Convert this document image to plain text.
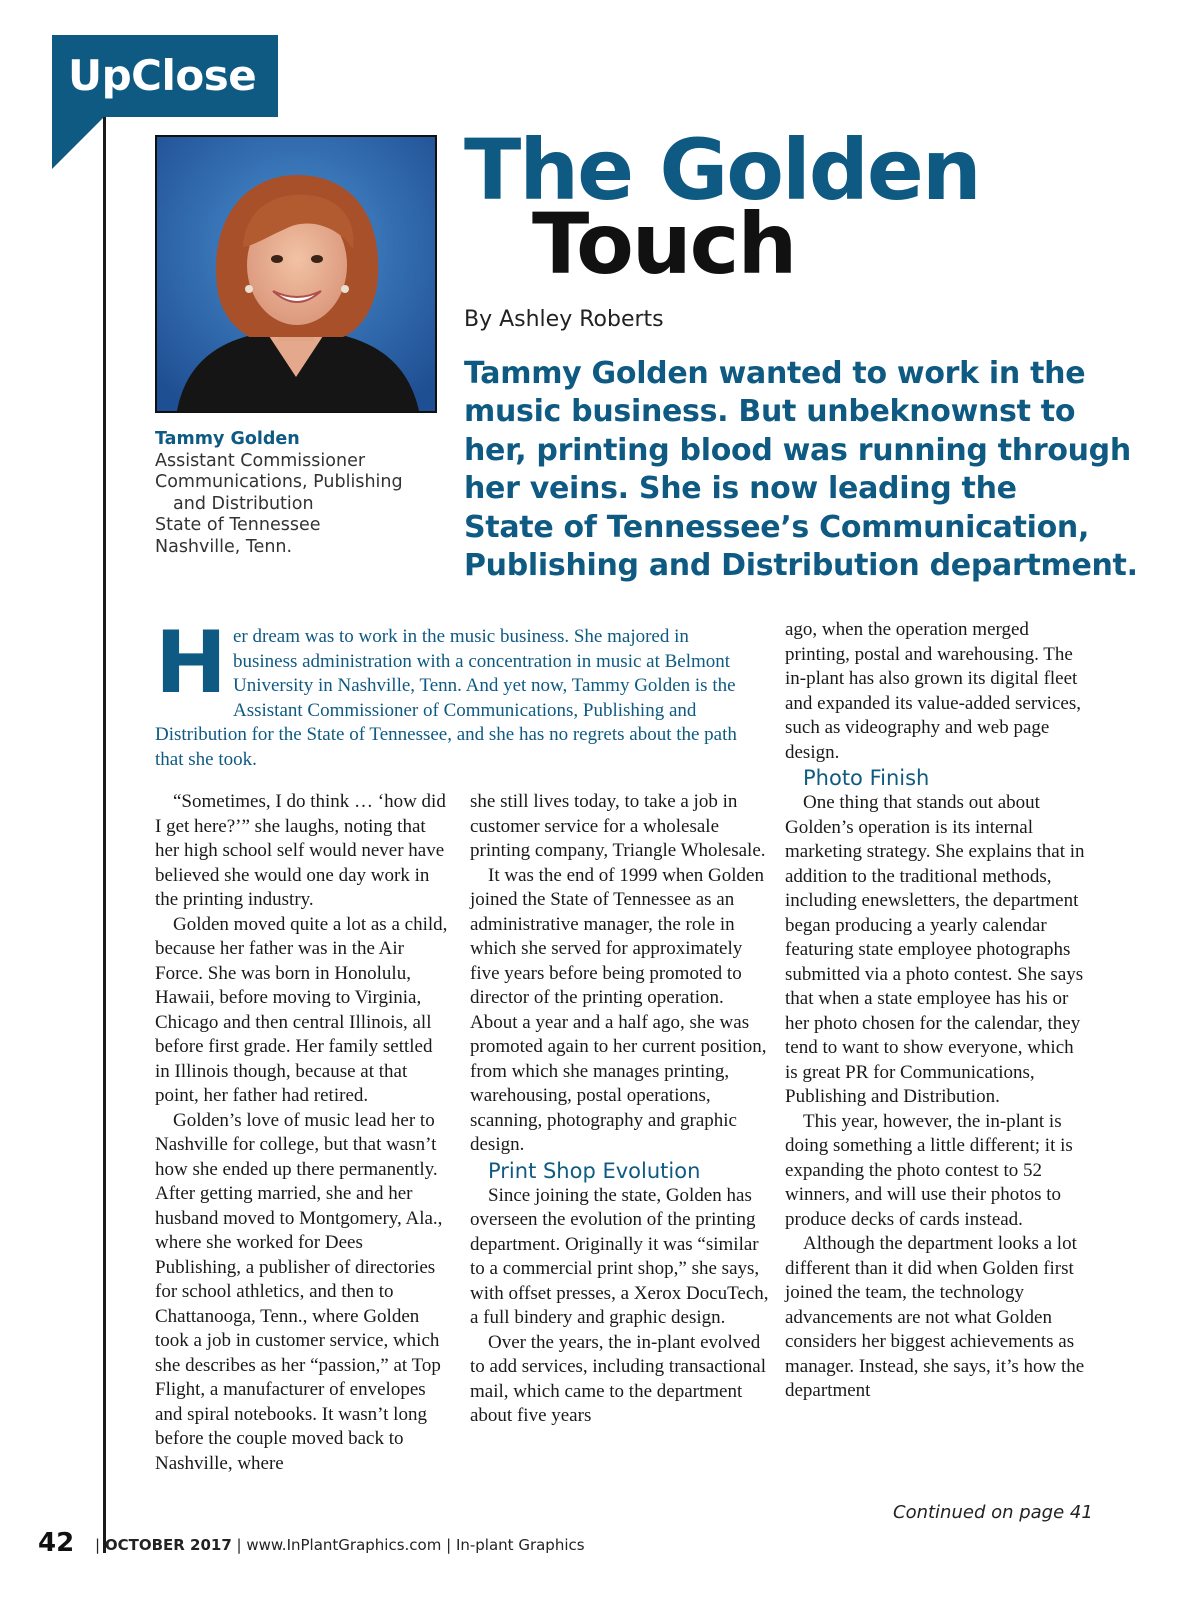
UpClose
Tammy Golden
Assistant Commissioner
Communications, Publishing
and Distribution
State of Tennessee
Nashville, Tenn.
The Golden
Touch
By Ashley Roberts

Tammy Golden wanted to work in the

music business. But unbeknownst to

her, printing blood was running through

her veins. She is now leading the

State of Tennessee’s Communication,

Publishing and Distribution department.

H er dream was to work in the music business. She majored in business administration with a concentration in music at Belmont University in Nashville, Tenn. And yet now, Tammy Golden is the Assistant Commissioner of Communications, Publishing and Distribution for the State of Tennessee, and she has no regrets about the path that she took.

“Sometimes, I do think … ‘how did I get here?’” she laughs, noting that her high school self would never have believed she would one day work in the printing industry.

Golden moved quite a lot as a child, because her father was in the Air Force. She was born in Honolulu, Hawaii, before moving to Virginia, Chicago and then central Illinois, all before first grade. Her family settled in Illinois though, because at that point, her father had retired.

Golden’s love of music lead her to Nashville for college, but that wasn’t how she ended up there permanently. After getting married, she and her husband moved to Montgomery, Ala., where she worked for Dees Publishing, a publisher of directories for school athletics, and then to Chattanooga, Tenn., where Golden took a job in customer service, which she describes as her “passion,” at Top Flight, a manufacturer of envelopes and spiral notebooks. It wasn’t long before the couple moved back to Nashville, where

she still lives today, to take a job in customer service for a wholesale printing company, Triangle Wholesale.

It was the end of 1999 when Golden joined the State of Tennessee as an administrative manager, the role in which she served for approximately five years before being promoted to director of the printing operation. About a year and a half ago, she was promoted again to her current position, from which she manages printing, warehousing, postal operations, scanning, photography and graphic design.

Print Shop Evolution

Since joining the state, Golden has overseen the evolution of the printing department. Originally it was “similar to a commercial print shop,” she says, with offset presses, a Xerox DocuTech, a full bindery and graphic design.

Over the years, the in-plant evolved to add services, including transactional mail, which came to the department about five years

ago, when the operation merged printing, postal and warehousing. The in-plant has also grown its digital fleet and expanded its value-added services, such as videography and web page design.

Photo Finish

One thing that stands out about Golden’s operation is its internal marketing strategy. She explains that in addition to the traditional methods, including enewsletters, the department began producing a yearly calendar featuring state employee photographs submitted via a photo contest. She says that when a state employee has his or her photo chosen for the calendar, they tend to want to show everyone, which is great PR for Communications, Publishing and Distribution.

This year, however, the in-plant is doing something a little different; it is expanding the photo contest to 52 winners, and will use their photos to produce decks of cards instead.

Although the department looks a lot different than it did when Golden first joined the team, the technology advancements are not what Golden considers her biggest achievements as manager. Instead, she says, it’s how the department

Continued on page 41
42 | OCTOBER 2017 | www.InPlantGraphics.com | In-plant Graphics
